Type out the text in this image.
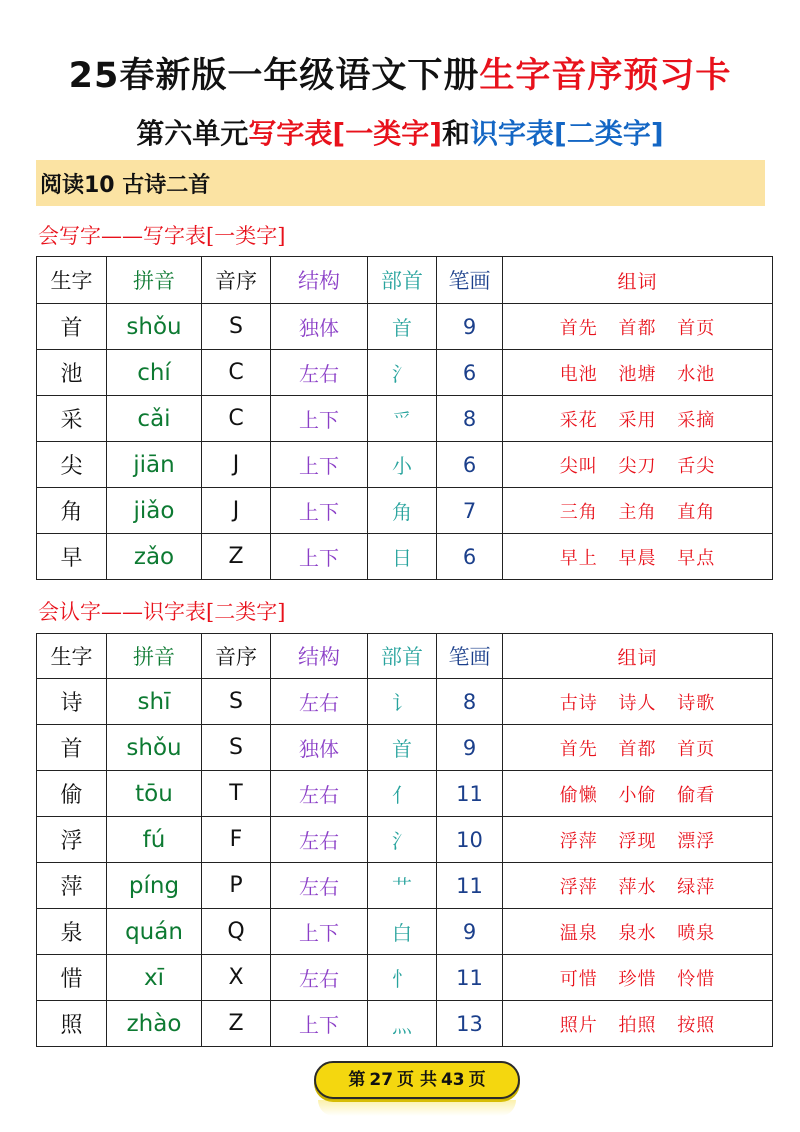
25春新版一年级语文下册生字音序预习卡
第六单元写字表[一类字]和识字表[二类字]
阅读10 古诗二首
会写字——写字表[一类字]
生字	拼音	音序	结构	部首	笔画	组词
首	shǒu	S	独体	首	9	首先 首都 首页
池	chí	C	左右	氵	6	电池 池塘 水池
采	cǎi	C	上下	爫	8	采花 采用 采摘
尖	jiān	J	上下	小	6	尖叫 尖刀 舌尖
角	jiǎo	J	上下	角	7	三角 主角 直角
早	zǎo	Z	上下	日	6	早上 早晨 早点
会认字——识字表[二类字]
生字	拼音	音序	结构	部首	笔画	组词
诗	shī	S	左右	讠	8	古诗 诗人 诗歌
首	shǒu	S	独体	首	9	首先 首都 首页
偷	tōu	T	左右	亻	11	偷懒 小偷 偷看
浮	fú	F	左右	氵	10	浮萍 浮现 漂浮
萍	píng	P	左右	艹	11	浮萍 萍水 绿萍
泉	quán	Q	上下	白	9	温泉 泉水 喷泉
惜	xī	X	左右	忄	11	可惜 珍惜 怜惜
照	zhào	Z	上下	灬	13	照片 拍照 按照
第 27 页 共 43 页
